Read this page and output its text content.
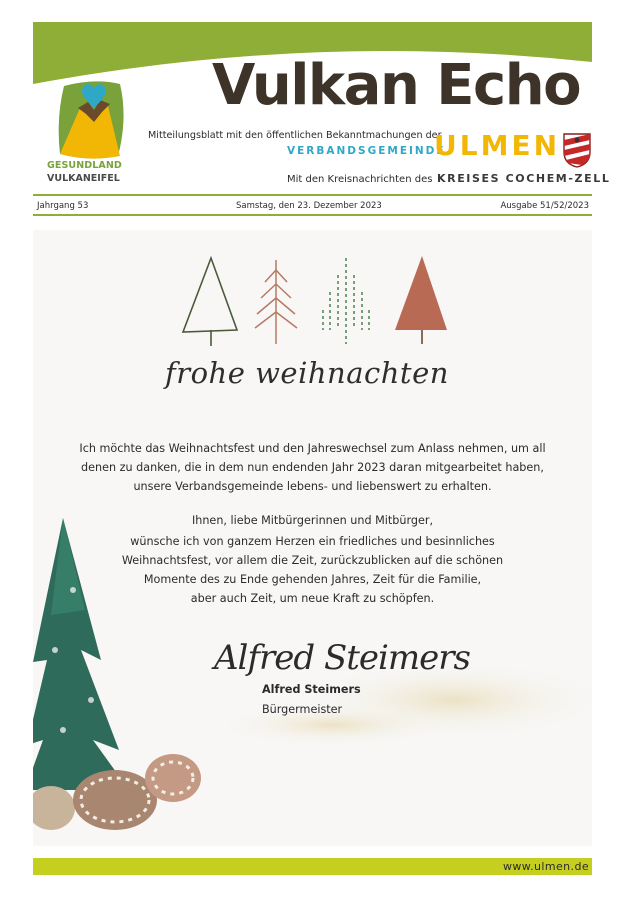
GESUNDLAND
VULKANEIFEL
Vulkan Echo
Mitteilungsblatt mit den öffentlichen Bekanntmachungen der
VERBANDSGEMEINDE
ULMEN
Mit den Kreisnachrichten des KREISES COCHEM-ZELL
Jahrgang 53	Samstag, den 23. Dezember 2023	Ausgabe 51/52/2023
frohe weihnachten
Ich möchte das Weihnachtsfest und den Jahreswechsel zum Anlass nehmen, um all
denen zu danken, die in dem nun endenden Jahr 2023 daran mitgearbeitet haben,
unsere Verbandsgemeinde lebens- und liebenswert zu erhalten.
Ihnen, liebe Mitbürgerinnen und Mitbürger,
wünsche ich von ganzem Herzen ein friedliches und besinnliches
Weihnachtsfest, vor allem die Zeit, zurückzublicken auf die schönen
Momente des zu Ende gehenden Jahres, Zeit für die Familie,
aber auch Zeit, um neue Kraft zu schöpfen.
Alfred Steimers
Alfred Steimers
Bürgermeister
www.ulmen.de
